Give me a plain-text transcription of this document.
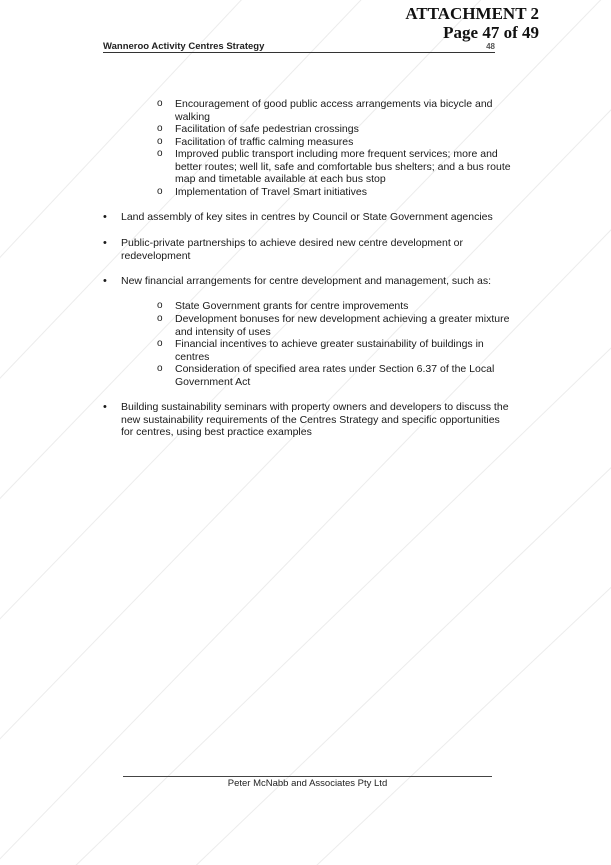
ATTACHMENT 2
Page 47 of 49
Wanneroo Activity Centres Strategy	48
o Encouragement of good public access arrangements via bicycle and walking
o Facilitation of safe pedestrian crossings
o Facilitation of traffic calming measures
o Improved public transport including more frequent services; more and better routes; well lit, safe and comfortable bus shelters; and a bus route map and timetable available at each bus stop
o Implementation of Travel Smart initiatives
• Land assembly of key sites in centres by Council or State Government agencies
• Public-private partnerships to achieve desired new centre development or redevelopment
• New financial arrangements for centre development and management, such as:
o State Government grants for centre improvements
o Development bonuses for new development achieving a greater mixture and intensity of uses
o Financial incentives to achieve greater sustainability of buildings in centres
o Consideration of specified area rates under Section 6.37 of the Local Government Act
• Building sustainability seminars with property owners and developers to discuss the new sustainability requirements of the Centres Strategy and specific opportunities for centres, using best practice examples
Peter McNabb and Associates Pty Ltd
